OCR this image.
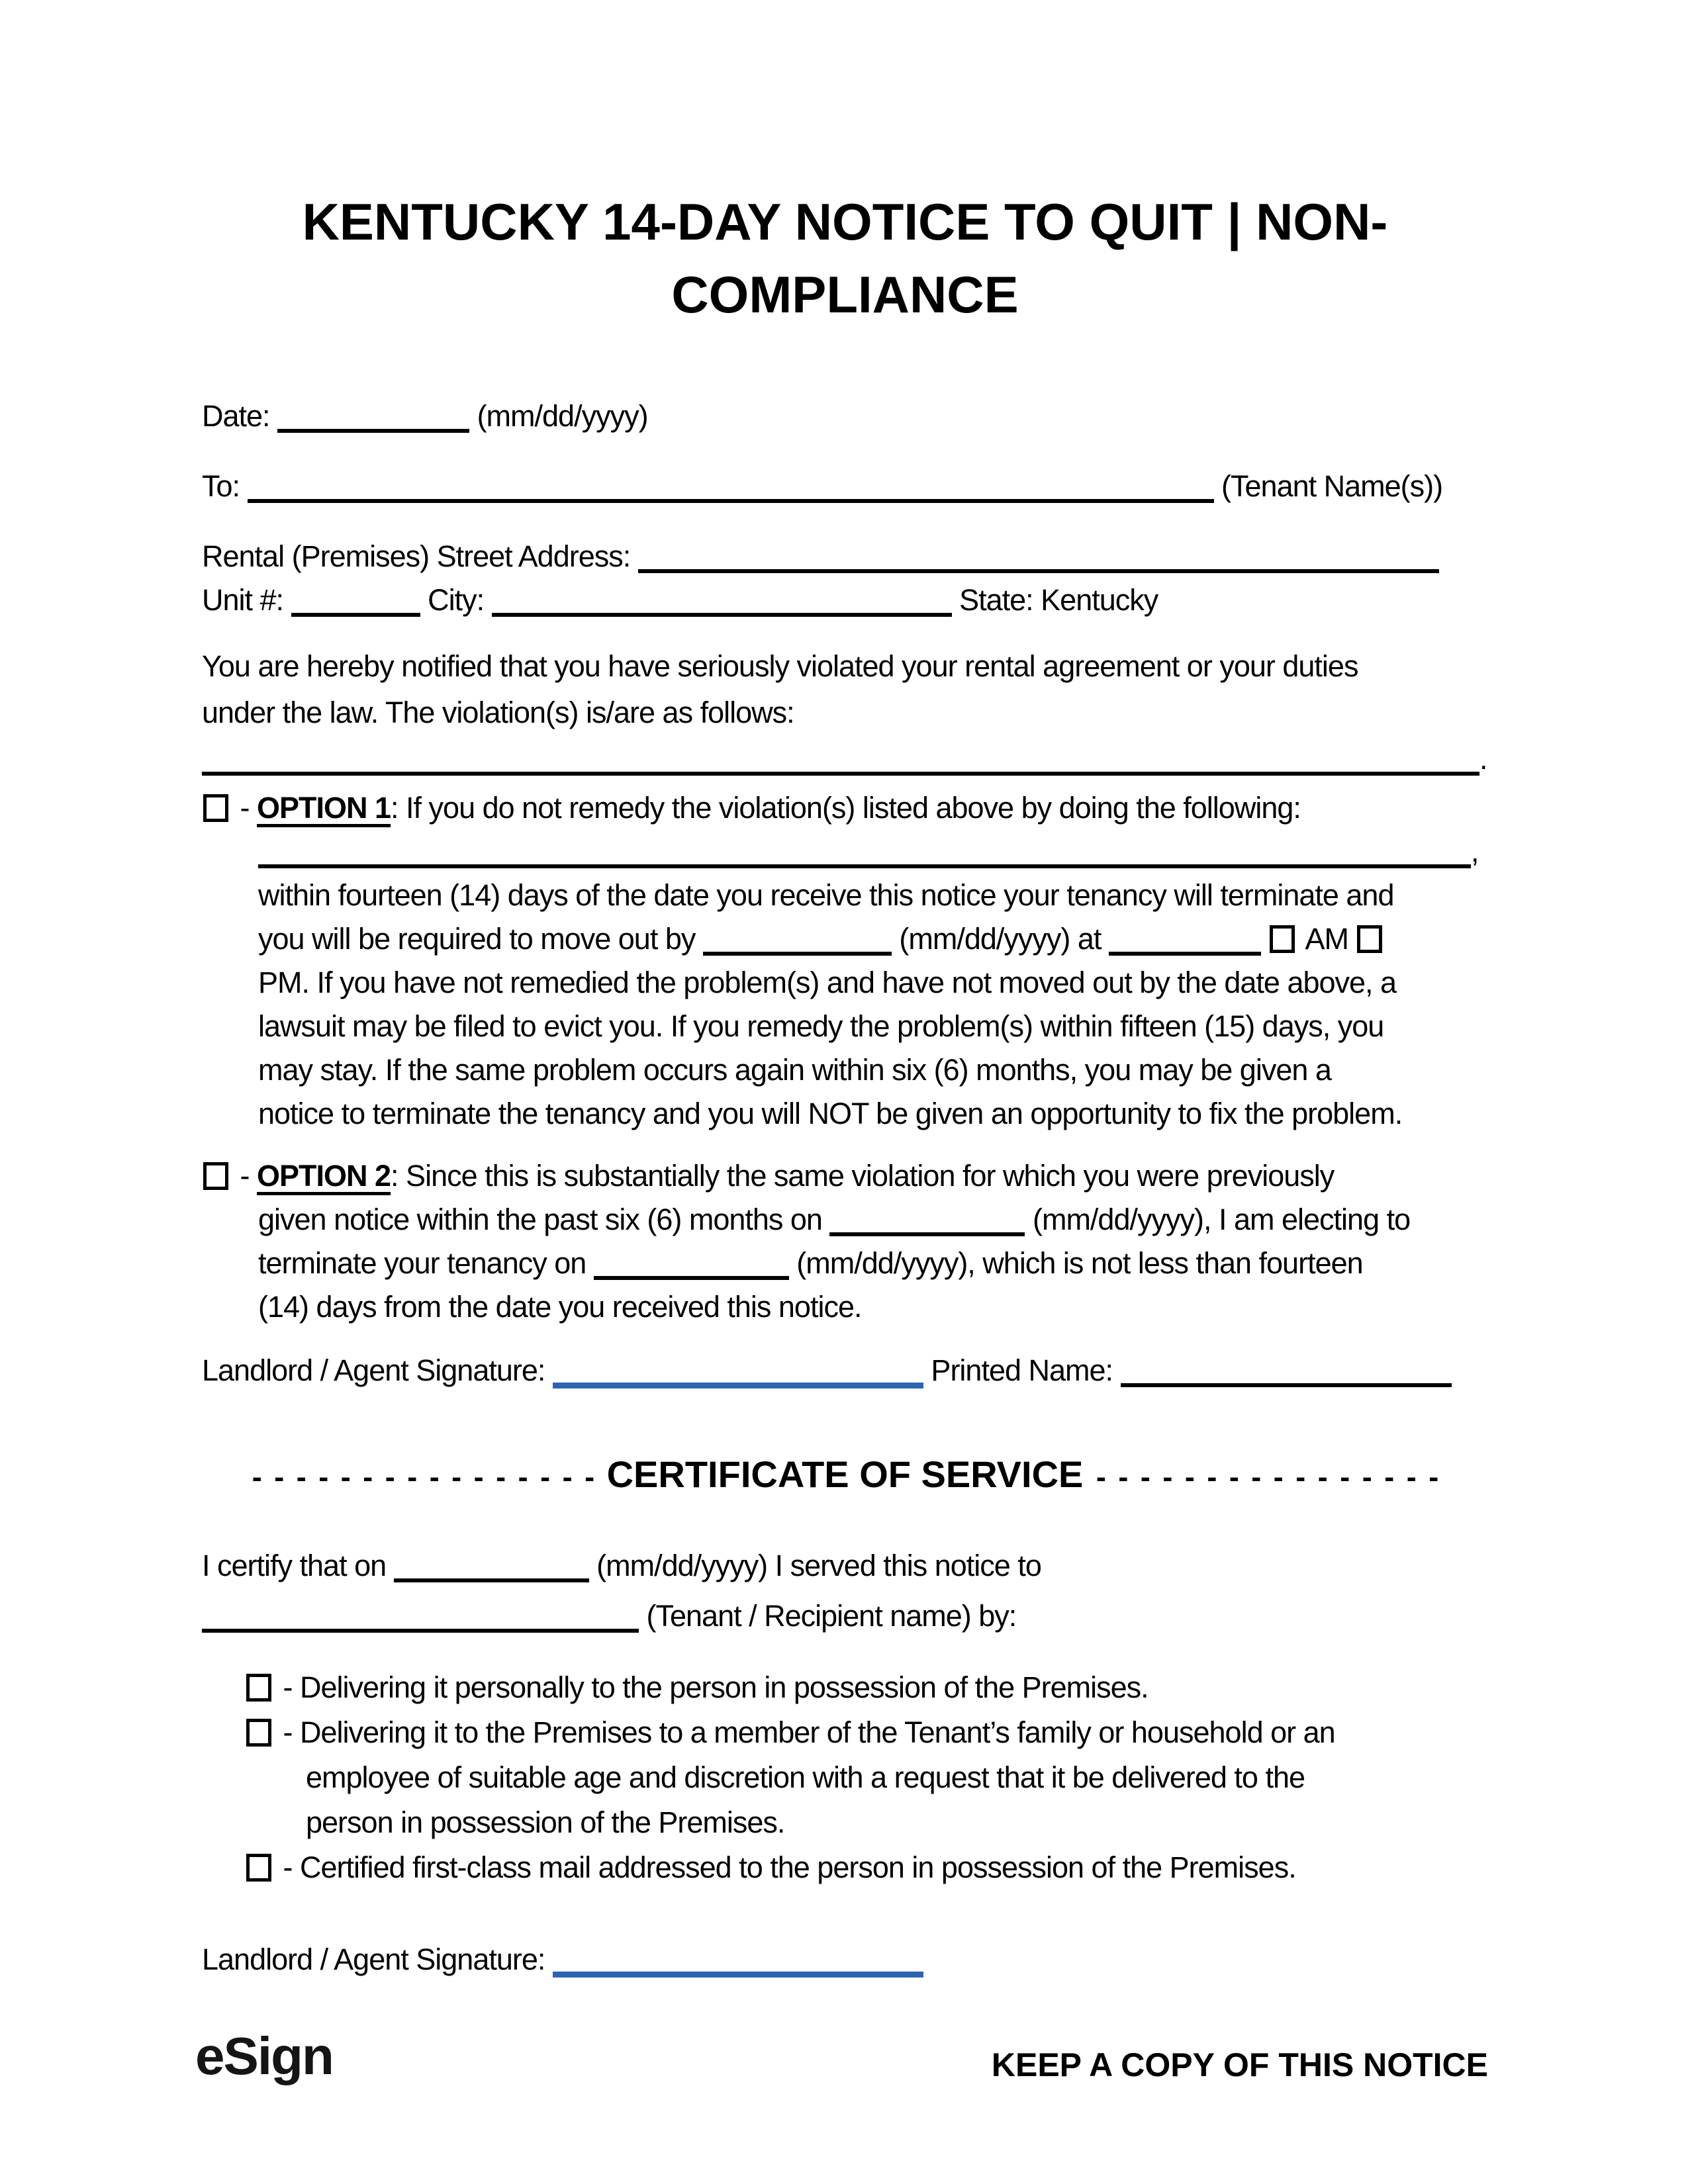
KENTUCKY 14-DAY NOTICE TO QUIT | NON-
COMPLIANCE
Date:	(mm/dd/yyyy)
To:	(Tenant Name(s))
Rental (Premises) Street Address:
Unit #:	City:	State: Kentucky
You are hereby notified that you have seriously violated your rental agreement or your duties
under the law. The violation(s) is/are as follows:
.
- OPTION 1: If you do not remedy the violation(s) listed above by doing the following:
,
within fourteen (14) days of the date you receive this notice your tenancy will terminate and
you will be required to move out by	(mm/dd/yyyy) at	AM
PM. If you have not remedied the problem(s) and have not moved out by the date above, a
lawsuit may be filed to evict you. If you remedy the problem(s) within fifteen (15) days, you
may stay. If the same problem occurs again within six (6) months, you may be given a
notice to terminate the tenancy and you will NOT be given an opportunity to fix the problem.
- OPTION 2: Since this is substantially the same violation for which you were previously
given notice within the past six (6) months on	(mm/dd/yyyy), I am electing to
terminate your tenancy on	(mm/dd/yyyy), which is not less than fourteen
(14) days from the date you received this notice.
Landlord / Agent Signature:	Printed Name:
- - - - - - - - - - - - - - - - CERTIFICATE OF SERVICE - - - - - - - - - - - - - - - -
I certify that on	(mm/dd/yyyy) I served this notice to
(Tenant / Recipient name) by:
- Delivering it personally to the person in possession of the Premises.
- Delivering it to the Premises to a member of the Tenant’s family or household or an
employee of suitable age and discretion with a request that it be delivered to the
person in possession of the Premises.
- Certified first-class mail addressed to the person in possession of the Premises.
Landlord / Agent Signature:
eSign	KEEP A COPY OF THIS NOTICE
